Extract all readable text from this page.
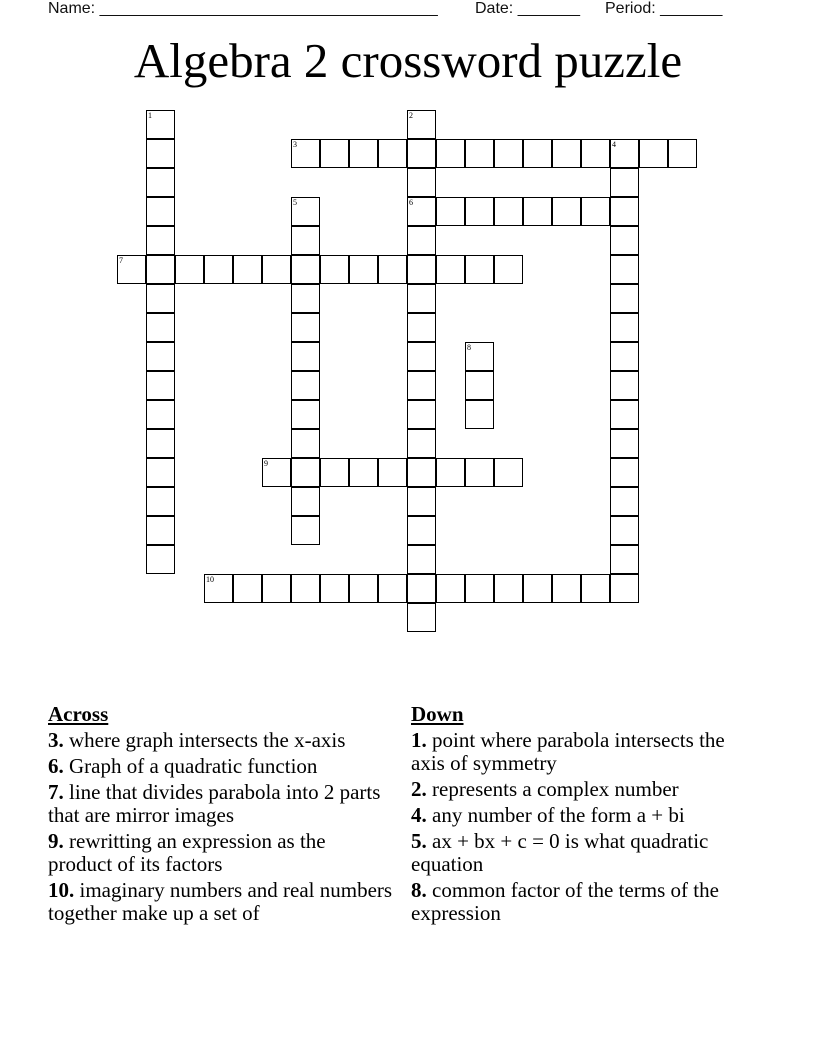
Name: ______________________________________

Date: _______

Period: _______

Algebra 2 crossword puzzle
1	2
6
3	4
5
7
8
9
10
Across
3. where graph intersects the x-axis
6. Graph of a quadratic function
7. line that divides parabola into 2 parts that are mirror images
9. rewritting an expression as the product of its factors
10. imaginary numbers and real numbers together make up a set of
Down
1. point where parabola intersects the axis of symmetry
2. represents a complex number
4. any number of the form a + bi
5. ax + bx + c = 0 is what quadratic equation
8. common factor of the terms of the expression
